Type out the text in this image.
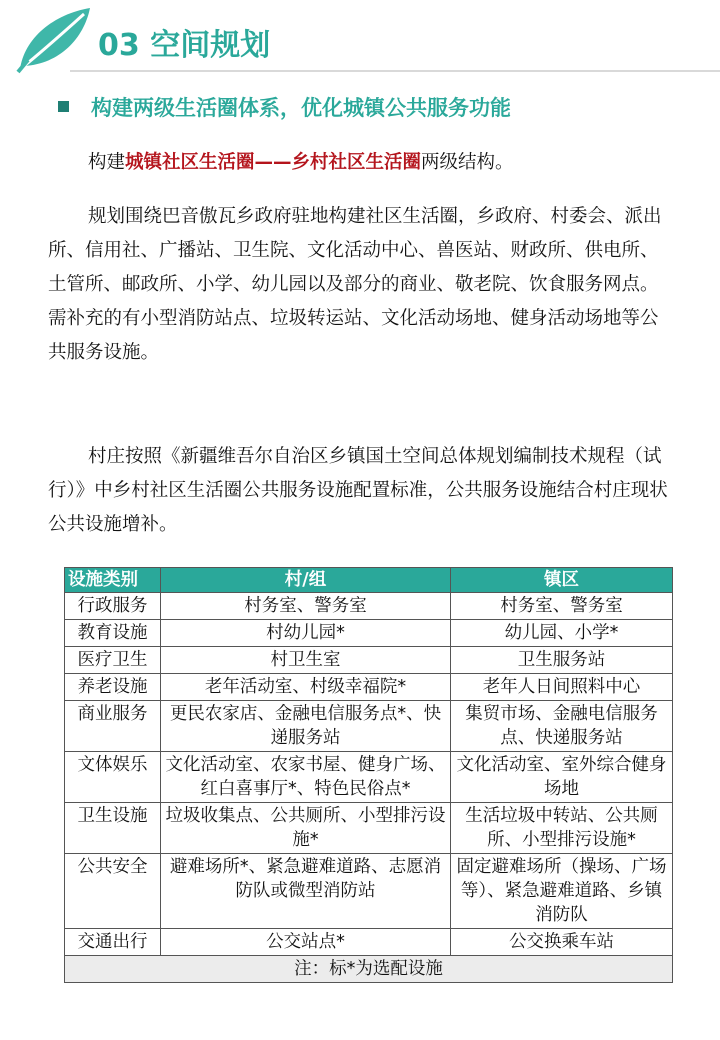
03 空间规划
构建两级生活圈体系，优化城镇公共服务功能
构建城镇社区生活圈——乡村社区生活圈两级结构。
规划围绕巴音傲瓦乡政府驻地构建社区生活圈，乡政府、村委会、派出所、信用社、广播站、卫生院、文化活动中心、兽医站、财政所、供电所、土管所、邮政所、小学、幼儿园以及部分的商业、敬老院、饮食服务网点。需补充的有小型消防站点、垃圾转运站、文化活动场地、健身活动场地等公共服务设施。
村庄按照《新疆维吾尔自治区乡镇国土空间总体规划编制技术规程（试行）》中乡村社区生活圈公共服务设施配置标准，公共服务设施结合村庄现状公共设施增补。
设施类别	村/组	镇区
行政服务	村务室、警务室	村务室、警务室
教育设施	村幼儿园*	幼儿园、小学*
医疗卫生	村卫生室	卫生服务站
养老设施	老年活动室、村级幸福院*	老年人日间照料中心
商业服务	更民农家店、金融电信服务点*、快递服务站	集贸市场、金融电信服务点、快递服务站
文体娱乐	文化活动室、农家书屋、健身广场、红白喜事厅*、特色民俗点*	文化活动室、室外综合健身场地
卫生设施	垃圾收集点、公共厕所、小型排污设施*	生活垃圾中转站、公共厕所、小型排污设施*
公共安全	避难场所*、紧急避难道路、志愿消防队或微型消防站	固定避难场所（操场、广场等）、紧急避难道路、乡镇消防队
交通出行	公交站点*	公交换乘车站
注：标*为选配设施		
